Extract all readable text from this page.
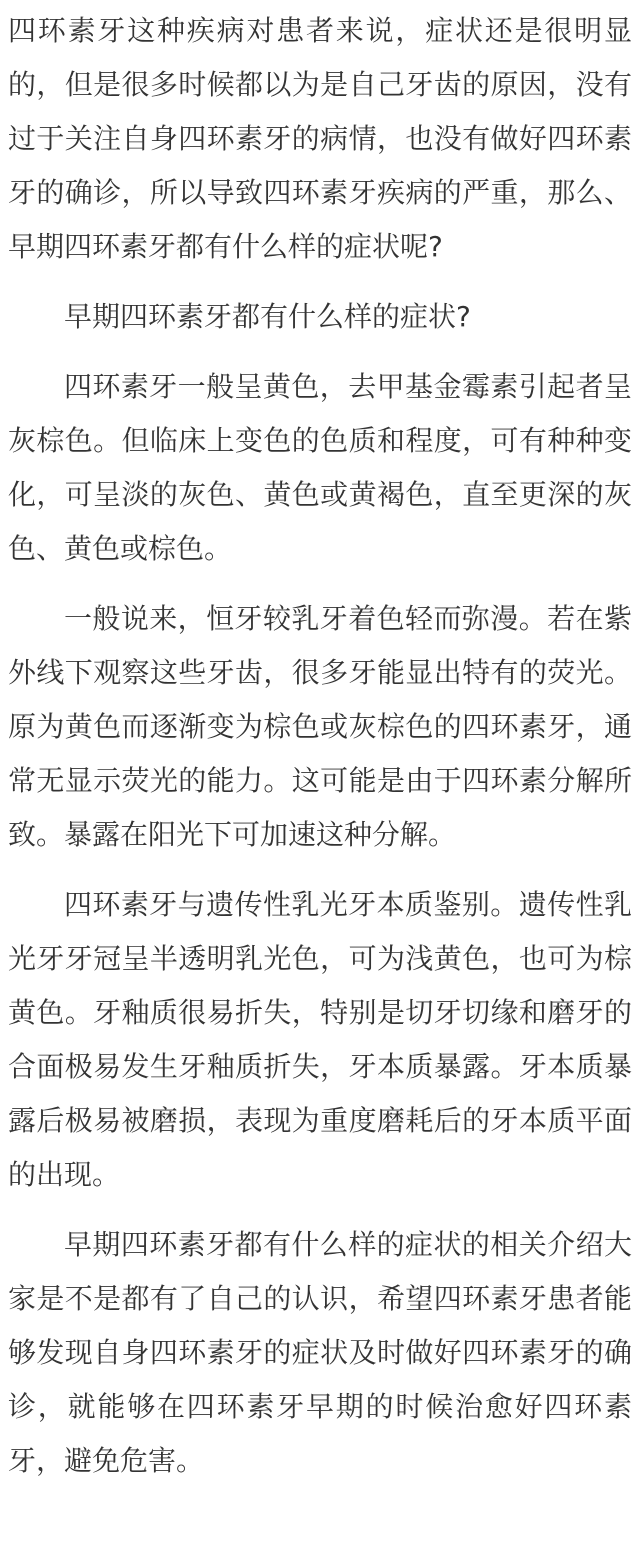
四环素牙这种疾病对患者来说，症状还是很明显的，但是很多时候都以为是自己牙齿的原因，没有过于关注自身四环素牙的病情，也没有做好四环素牙的确诊，所以导致四环素牙疾病的严重，那么、早期四环素牙都有什么样的症状呢?

早期四环素牙都有什么样的症状?

四环素牙一般呈黄色，去甲基金霉素引起者呈灰棕色。但临床上变色的色质和程度，可有种种变化，可呈淡的灰色、黄色或黄褐色，直至更深的灰色、黄色或棕色。

一般说来，恒牙较乳牙着色轻而弥漫。若在紫外线下观察这些牙齿，很多牙能显出特有的荧光。原为黄色而逐渐变为棕色或灰棕色的四环素牙，通常无显示荧光的能力。这可能是由于四环素分解所致。暴露在阳光下可加速这种分解。

四环素牙与遗传性乳光牙本质鉴别。遗传性乳光牙牙冠呈半透明乳光色，可为浅黄色，也可为棕黄色。牙釉质很易折失，特别是切牙切缘和磨牙的合面极易发生牙釉质折失，牙本质暴露。牙本质暴露后极易被磨损，表现为重度磨耗后的牙本质平面的出现。

早期四环素牙都有什么样的症状的相关介绍大家是不是都有了自己的认识，希望四环素牙患者能够发现自身四环素牙的症状及时做好四环素牙的确诊，就能够在四环素牙早期的时候治愈好四环素牙，避免危害。
